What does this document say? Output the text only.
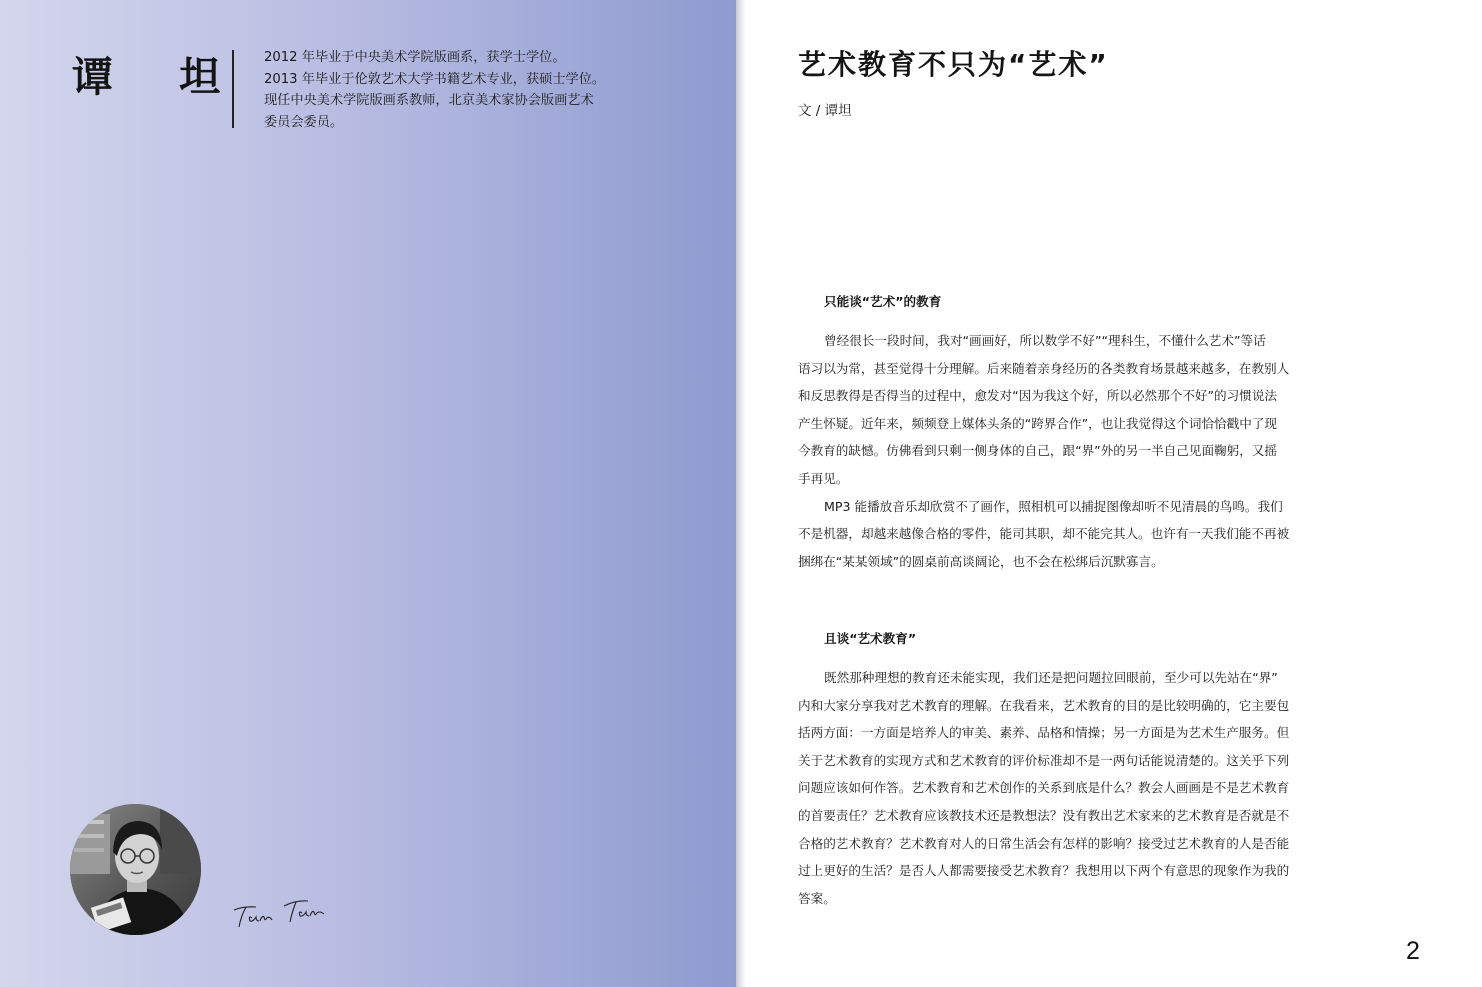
谭 坦	2012 年毕业于中央美术学院版画系，获学士学位。

2013 年毕业于伦敦艺术大学书籍艺术专业，获硕士学位。

现任中央美术学院版画系教师，北京美术家协会版画艺术

委员会委员。

艺术教育不只为“艺术”
文 / 谭坦
只能谈“艺术”的教育

曾经很长一段时间，我对“画画好，所以数学不好”“理科生，不懂什么艺术”等话

语习以为常，甚至觉得十分理解。后来随着亲身经历的各类教育场景越来越多，在教别人

和反思教得是否得当的过程中，愈发对“因为我这个好，所以必然那个不好”的习惯说法

产生怀疑。近年来，频频登上媒体头条的“跨界合作”，也让我觉得这个词恰恰戳中了现

今教育的缺憾。仿佛看到只剩一侧身体的自己，跟“界”外的另一半自己见面鞠躬，又摇

手再见。

MP3 能播放音乐却欣赏不了画作，照相机可以捕捉图像却听不见清晨的鸟鸣。我们

不是机器，却越来越像合格的零件，能司其职，却不能完其人。也许有一天我们能不再被

捆绑在“某某领域”的圆桌前高谈阔论，也不会在松绑后沉默寡言。

且谈“艺术教育”

既然那种理想的教育还未能实现，我们还是把问题拉回眼前，至少可以先站在“界”

内和大家分享我对艺术教育的理解。在我看来，艺术教育的目的是比较明确的，它主要包

括两方面：一方面是培养人的审美、素养、品格和情操；另一方面是为艺术生产服务。但

关于艺术教育的实现方式和艺术教育的评价标准却不是一两句话能说清楚的。这关乎下列

问题应该如何作答。艺术教育和艺术创作的关系到底是什么？教会人画画是不是艺术教育

的首要责任？艺术教育应该教技术还是教想法？没有教出艺术家来的艺术教育是否就是不

合格的艺术教育？艺术教育对人的日常生活会有怎样的影响？接受过艺术教育的人是否能

过上更好的生活？是否人人都需要接受艺术教育？我想用以下两个有意思的现象作为我的

答案。

2
